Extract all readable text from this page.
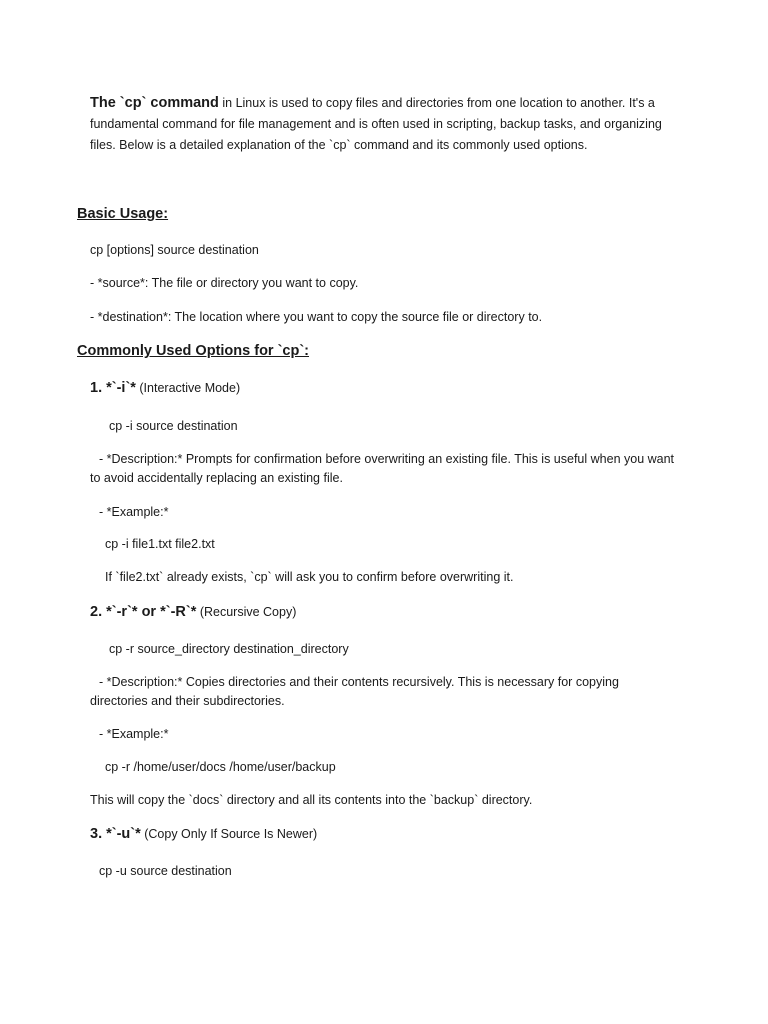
The `cp` command in Linux is used to copy files and directories from one location to another. It's a fundamental command for file management and is often used in scripting, backup tasks, and organizing files. Below is a detailed explanation of the `cp` command and its commonly used options.

Basic Usage:

cp [options] source destination

- *source*: The file or directory you want to copy.

- *destination*: The location where you want to copy the source file or directory to.

Commonly Used Options for `cp`:

1. *`-i`* (Interactive Mode)

cp -i source destination

- *Description:* Prompts for confirmation before overwriting an existing file. This is useful when you want to avoid accidentally replacing an existing file.

- *Example:*

cp -i file1.txt file2.txt

If `file2.txt` already exists, `cp` will ask you to confirm before overwriting it.

2. *`-r`* or *`-R`* (Recursive Copy)

cp -r source_directory destination_directory

- *Description:* Copies directories and their contents recursively. This is necessary for copying directories and their subdirectories.

- *Example:*

cp -r /home/user/docs /home/user/backup

This will copy the `docs` directory and all its contents into the `backup` directory.

3. *`-u`* (Copy Only If Source Is Newer)

cp -u source destination
